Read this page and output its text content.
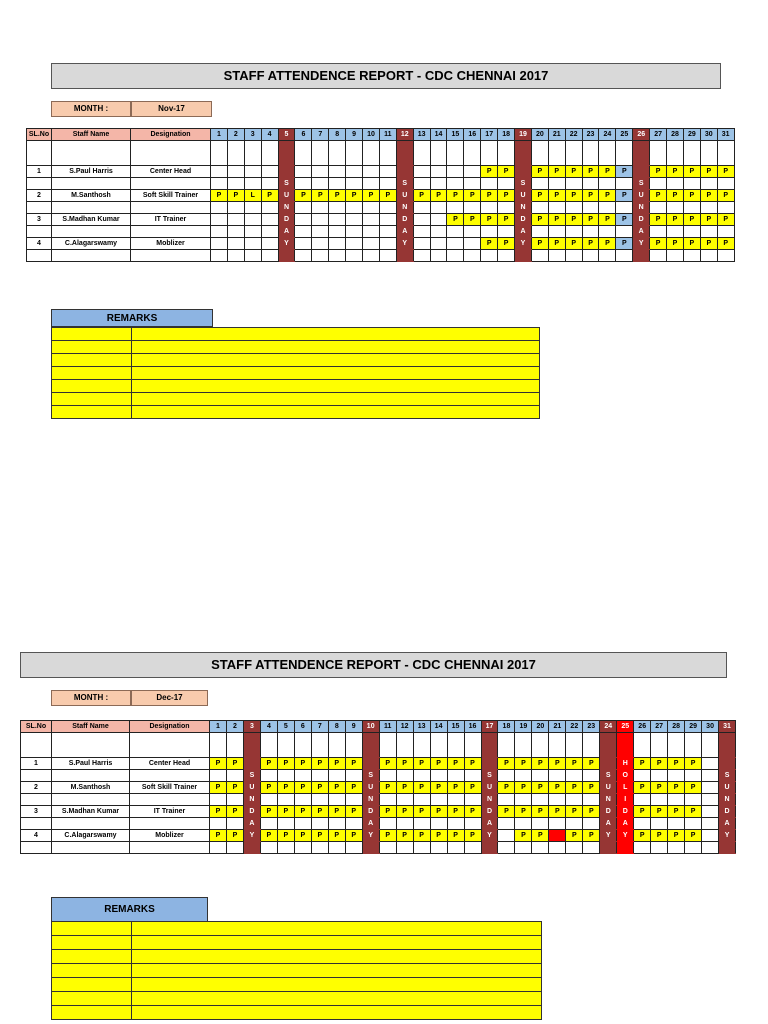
STAFF ATTENDENCE REPORT - CDC CHENNAI 2017
MONTH :	Nov-17
SL.No	Staff Name	Designation	1	2	3	4	5	6	7	8	9	10	11	12	13	14	15	16	17	18	19	20	21	22	23	24	25	26	27	28	29	30	31

1	S.Paul Harris	Center Head																	P	P		P	P	P	P	P	P		P	P	P	P	P
							S							S							S							S					
2	M.Santhosh	Soft Skill Trainer	P	P	L	P	U	P	P	P	P	P	P	U	P	P	P	P	P	P	U	P	P	P	P	P	P	U	P	P	P	P	P
							N							N							N							N					
3	S.Madhan Kumar	IT Trainer					D							D			P	P	P	P	D	P	P	P	P	P	P	D	P	P	P	P	P
							A							A							A							A					
4	C.Alagarswamy	Moblizer					Y							Y					P	P	Y	P	P	P	P	P	P	Y	P	P	P	P	P

REMARKS

STAFF ATTENDENCE REPORT - CDC CHENNAI 2017
MONTH :	Dec-17
SL.No	Staff Name	Designation	1	2	3	4	5	6	7	8	9	10	11	12	13	14	15	16	17	18	19	20	21	22	23	24	25	26	27	28	29	30	31

1	S.Paul Harris	Center Head	P	P		P	P	P	P	P	P		P	P	P	P	P	P		P	P	P	P	P	P		H	P	P	P	P		
					S							S							S							S	O						S
2	M.Santhosh	Soft Skill Trainer	P	P	U	P	P	P	P	P	P	U	P	P	P	P	P	P	U	P	P	P	P	P	P	U	L	P	P	P	P		U
					N							N							N							N	I						N
3	S.Madhan Kumar	IT Trainer	P	P	D	P	P	P	P	P	P	D	P	P	P	P	P	P	D	P	P	P	P	P	P	D	D	P	P	P	P		D
					A							A							A							A	A						A
4	C.Alagarswamy	Moblizer	P	P	Y	P	P	P	P	P	P	Y	P	P	P	P	P	P	Y		P	P		P	P	Y	Y	P	P	P	P		Y

REMARKS
